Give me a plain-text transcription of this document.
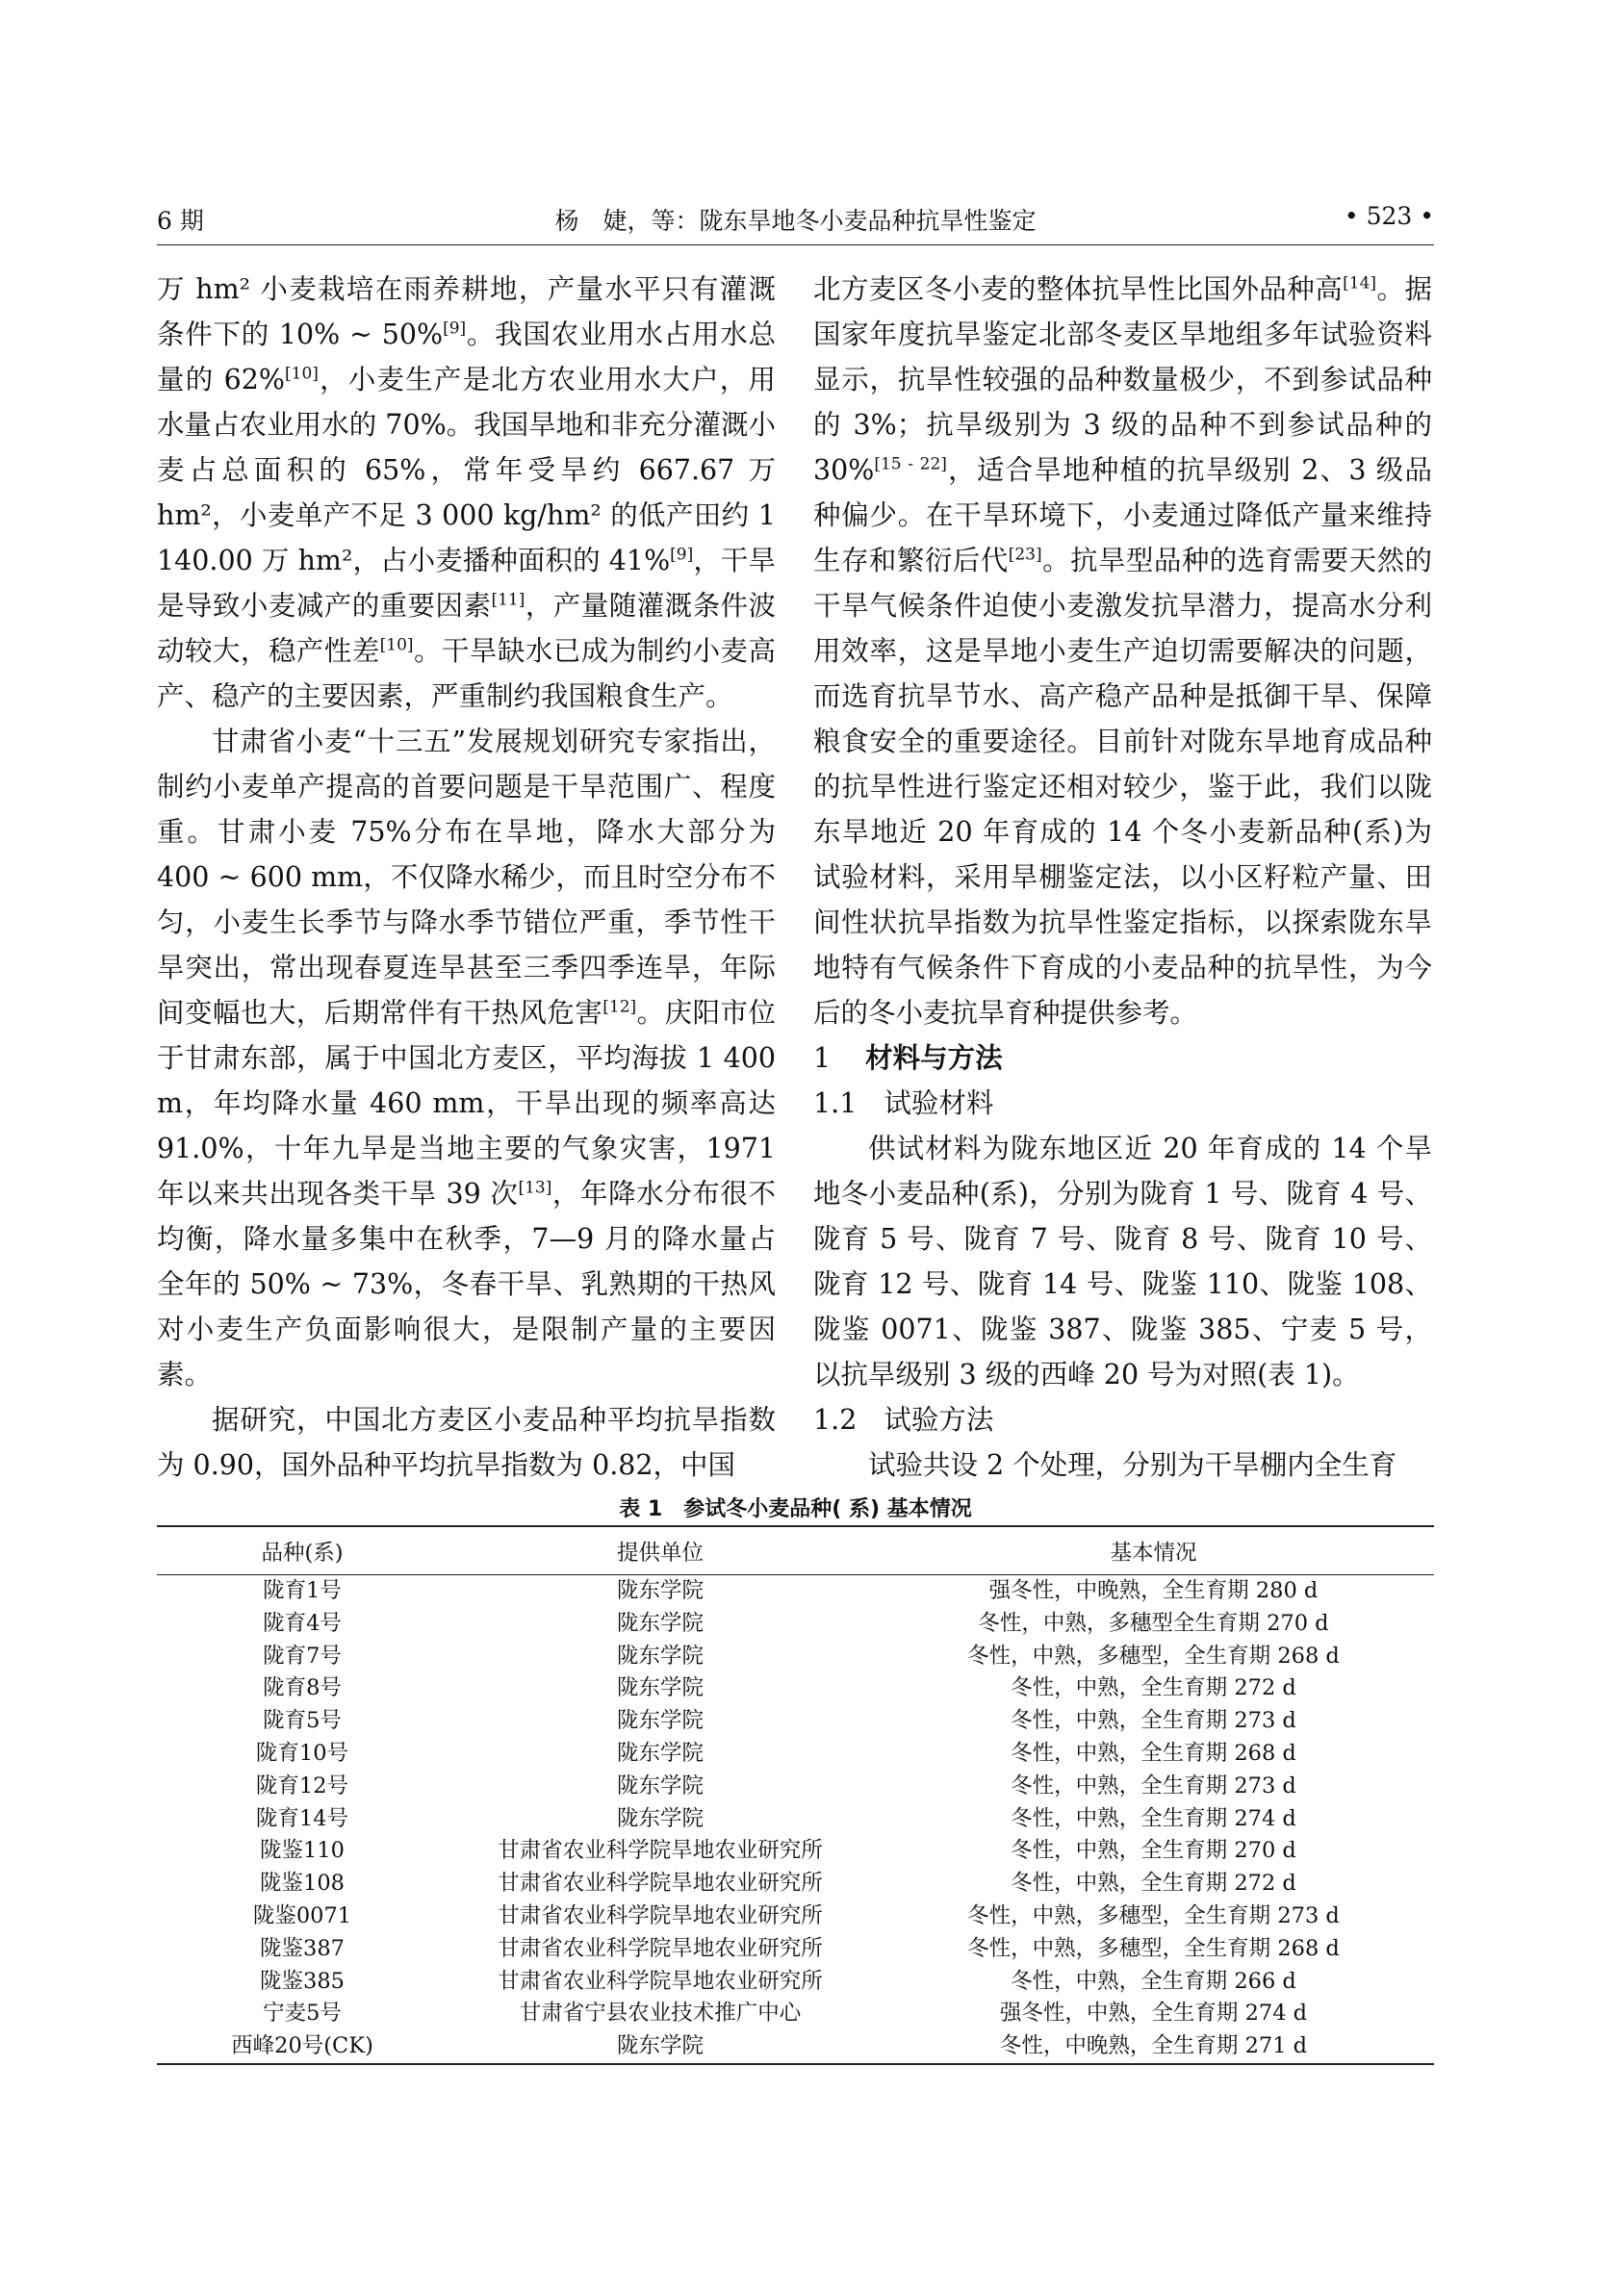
6 期	杨　婕，等：陇东旱地冬小麦品种抗旱性鉴定	• 523 •

万 hm² 小麦栽培在雨养耕地，产量水平只有灌溉条件下的 10% ~ 50%[9]。我国农业用水占用水总量的 62%[10]，小麦生产是北方农业用水大户，用水量占农业用水的 70%。我国旱地和非充分灌溉小麦占总面积的 65%，常年受旱约 667.67 万 hm²，小麦单产不足 3 000 kg/hm² 的低产田约 1 140.00 万 hm²，占小麦播种面积的 41%[9]，干旱是导致小麦减产的重要因素[11]，产量随灌溉条件波动较大，稳产性差[10]。干旱缺水已成为制约小麦高产、稳产的主要因素，严重制约我国粮食生产。

甘肃省小麦“十三五”发展规划研究专家指出，制约小麦单产提高的首要问题是干旱范围广、程度重。甘肃小麦 75%分布在旱地，降水大部分为 400 ~ 600 mm，不仅降水稀少，而且时空分布不匀，小麦生长季节与降水季节错位严重，季节性干旱突出，常出现春夏连旱甚至三季四季连旱，年际间变幅也大，后期常伴有干热风危害[12]。庆阳市位于甘肃东部，属于中国北方麦区，平均海拔 1 400 m，年均降水量 460 mm，干旱出现的频率高达 91.0%，十年九旱是当地主要的气象灾害，1971 年以来共出现各类干旱 39 次[13]，年降水分布很不均衡，降水量多集中在秋季，7—9 月的降水量占全年的 50% ~ 73%，冬春干旱、乳熟期的干热风对小麦生产负面影响很大，是限制产量的主要因素。

据研究，中国北方麦区小麦品种平均抗旱指数为 0.90，国外品种平均抗旱指数为 0.82，中国

北方麦区冬小麦的整体抗旱性比国外品种高[14]。据国家年度抗旱鉴定北部冬麦区旱地组多年试验资料显示，抗旱性较强的品种数量极少，不到参试品种的 3%；抗旱级别为 3 级的品种不到参试品种的 30%[15 - 22]，适合旱地种植的抗旱级别 2、3 级品种偏少。在干旱环境下，小麦通过降低产量来维持生存和繁衍后代[23]。抗旱型品种的选育需要天然的干旱气候条件迫使小麦激发抗旱潜力，提高水分利用效率，这是旱地小麦生产迫切需要解决的问题，而选育抗旱节水、高产稳产品种是抵御干旱、保障粮食安全的重要途径。目前针对陇东旱地育成品种的抗旱性进行鉴定还相对较少，鉴于此，我们以陇东旱地近 20 年育成的 14 个冬小麦新品种(系)为试验材料，采用旱棚鉴定法，以小区籽粒产量、田间性状抗旱指数为抗旱性鉴定指标，以探索陇东旱地特有气候条件下育成的小麦品种的抗旱性，为今后的冬小麦抗旱育种提供参考。

1 材料与方法

1.1 试验材料

供试材料为陇东地区近 20 年育成的 14 个旱地冬小麦品种(系)，分别为陇育 1 号、陇育 4 号、陇育 5 号、陇育 7 号、陇育 8 号、陇育 10 号、陇育 12 号、陇育 14 号、陇鉴 110、陇鉴 108、陇鉴 0071、陇鉴 387、陇鉴 385、宁麦 5 号，以抗旱级别 3 级的西峰 20 号为对照(表 1)。

1.2 试验方法

试验共设 2 个处理，分别为干旱棚内全生育

表 1　参试冬小麦品种( 系) 基本情况
品种(系)	提供单位	基本情况
陇育1号	陇东学院	强冬性，中晚熟，全生育期 280 d
陇育4号	陇东学院	冬性，中熟，多穗型全生育期 270 d
陇育7号	陇东学院	冬性，中熟，多穗型，全生育期 268 d
陇育8号	陇东学院	冬性，中熟，全生育期 272 d
陇育5号	陇东学院	冬性，中熟，全生育期 273 d
陇育10号	陇东学院	冬性，中熟，全生育期 268 d
陇育12号	陇东学院	冬性，中熟，全生育期 273 d
陇育14号	陇东学院	冬性，中熟，全生育期 274 d
陇鉴110	甘肃省农业科学院旱地农业研究所	冬性，中熟，全生育期 270 d
陇鉴108	甘肃省农业科学院旱地农业研究所	冬性，中熟，全生育期 272 d
陇鉴0071	甘肃省农业科学院旱地农业研究所	冬性，中熟，多穗型，全生育期 273 d
陇鉴387	甘肃省农业科学院旱地农业研究所	冬性，中熟，多穗型，全生育期 268 d
陇鉴385	甘肃省农业科学院旱地农业研究所	冬性，中熟，全生育期 266 d
宁麦5号	甘肃省宁县农业技术推广中心	强冬性，中熟，全生育期 274 d
西峰20号(CK)	陇东学院	冬性，中晚熟，全生育期 271 d
